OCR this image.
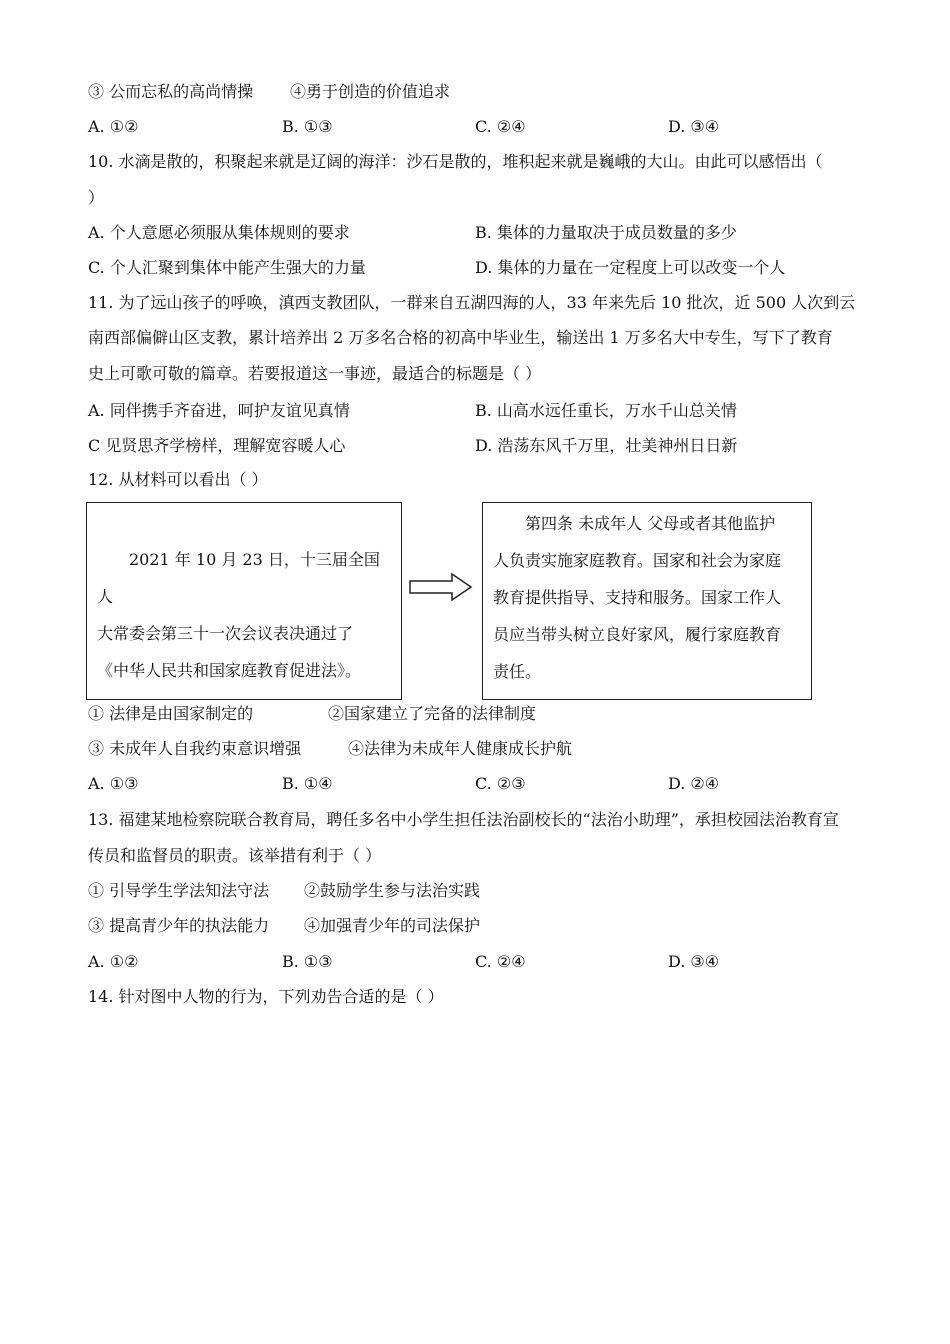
③ 公而忘私的高尚情操 ④勇于创造的价值追求
A. ①②	B. ①③	C. ②④	D. ③④
10. 水滴是散的，积聚起来就是辽阔的海洋：沙石是散的，堆积起来就是巍峨的大山。由此可以感悟出（
）
A. 个人意愿必须服从集体规则的要求	B. 集体的力量取决于成员数量的多少
C. 个人汇聚到集体中能产生强大的力量	D. 集体的力量在一定程度上可以改变一个人
11. 为了远山孩子的呼唤，滇西支教团队，一群来自五湖四海的人，33 年来先后 10 批次，近 500 人次到云
南西部偏僻山区支教，累计培养出 2 万多名合格的初高中毕业生，输送出 1 万多名大中专生，写下了教育
史上可歌可敬的篇章。若要报道这一事迹，最适合的标题是（ ）
A. 同伴携手齐奋进，呵护友谊见真情	B. 山高水远任重长，万水千山总关情
C 见贤思齐学榜样，理解宽容暖人心	D. 浩荡东风千万里，壮美神州日日新
12. 从材料可以看出（ ）

2021 年 10 月 23 日，十三届全国人

大常委会第三十一次会议表决通过了

《中华人民共和国家庭教育促进法》。

第四条 未成年人 父母或者其他监护

人负责实施家庭教育。国家和社会为家庭

教育提供指导、支持和服务。国家工作人

员应当带头树立良好家风，履行家庭教育

责任。

① 法律是由国家制定的	②国家建立了完备的法律制度
③ 未成年人自我约束意识增强	④法律为未成年人健康成长护航
A. ①③	B. ①④	C. ②③	D. ②④
13. 福建某地检察院联合教育局，聘任多名中小学生担任法治副校长的“法治小助理”，承担校园法治教育宣
传员和监督员的职责。该举措有利于（ ）
① 引导学生学法知法守法 ②鼓励学生参与法治实践
③ 提高青少年的执法能力 ④加强青少年的司法保护
A. ①②	B. ①③	C. ②④	D. ③④
14. 针对图中人物的行为，下列劝告合适的是（ ）
